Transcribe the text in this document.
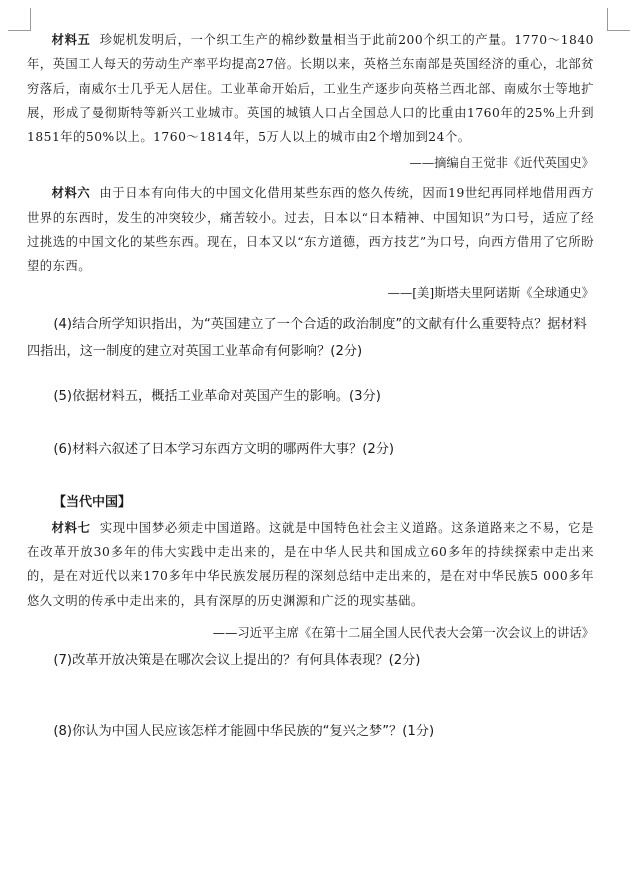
材料五 珍妮机发明后，一个织工生产的棉纱数量相当于此前200个织工的产量。1770～1840年，英国工人每天的劳动生产率平均提高27倍。长期以来，英格兰东南部是英国经济的重心，北部贫穷落后，南威尔士几乎无人居住。工业革命开始后，工业生产逐步向英格兰西北部、南威尔士等地扩展，形成了曼彻斯特等新兴工业城市。英国的城镇人口占全国总人口的比重由1760年的25%上升到1851年的50%以上。1760～1814年，5万人以上的城市由2个增加到24个。

——摘编自王觉非《近代英国史》

材料六 由于日本有向伟大的中国文化借用某些东西的悠久传统，因而19世纪再同样地借用西方世界的东西时，发生的冲突较少，痛苦较小。过去，日本以“日本精神、中国知识”为口号，适应了经过挑选的中国文化的某些东西。现在，日本又以“东方道德，西方技艺”为口号，向西方借用了它所盼望的东西。

——[美]斯塔夫里阿诺斯《全球通史》

(4)结合所学知识指出，为“英国建立了一个合适的政治制度”的文献有什么重要特点？据材料四指出，这一制度的建立对英国工业革命有何影响？(2分)

(5)依据材料五，概括工业革命对英国产生的影响。(3分)

(6)材料六叙述了日本学习东西方文明的哪两件大事？(2分)

【当代中国】

材料七 实现中国梦必须走中国道路。这就是中国特色社会主义道路。这条道路来之不易，它是在改革开放30多年的伟大实践中走出来的，是在中华人民共和国成立60多年的持续探索中走出来的，是在对近代以来170多年中华民族发展历程的深刻总结中走出来的，是在对中华民族5 000多年悠久文明的传承中走出来的，具有深厚的历史渊源和广泛的现实基础。

——习近平主席《在第十二届全国人民代表大会第一次会议上的讲话》

(7)改革开放决策是在哪次会议上提出的？有何具体表现？(2分)

(8)你认为中国人民应该怎样才能圆中华民族的“复兴之梦”？(1分)
